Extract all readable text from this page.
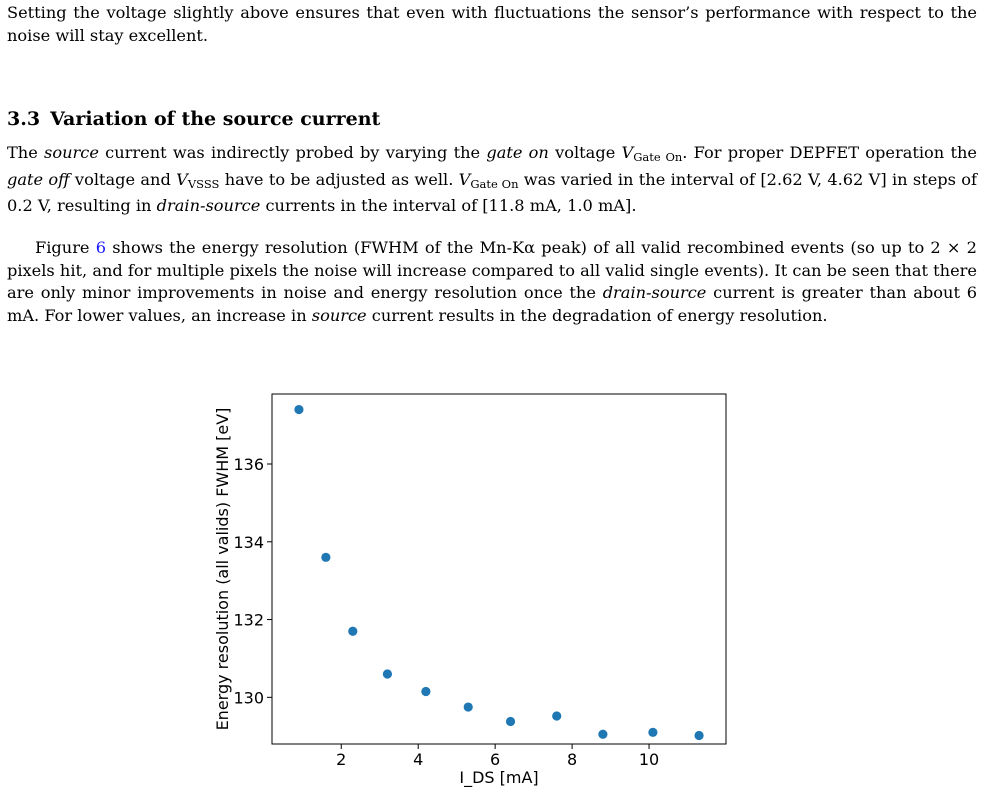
Setting the voltage slightly above ensures that even with fluctuations the sensor’s performance with respect to the noise will stay excellent.

3.3 Variation of the source current

The source current was indirectly probed by varying the gate on voltage $V_{Gate On}$. For proper DEPFET operation the gate off voltage and $V_{VSSS}$ have to be adjusted as well. $V_{Gate On}$ was varied in the interval of [2.62 V, 4.62 V] in steps of 0.2 V, resulting in drain-source currents in the interval of [11.8 mA, 1.0 mA].

Figure 6 shows the energy resolution (FWHM of the Mn-Kα peak) of all valid recombined events (so up to 2 × 2 pixels hit, and for multiple pixels the noise will increase compared to all valid single events). It can be seen that there are only minor improvements in noise and energy resolution once the drain-source current is greater than about 6 mA. For lower values, an increase in source current results in the degradation of energy resolution.

2	4	6	8	10
130
132
134
136
I_DS [mA]
Energy resolution (all valids) FWHM [eV]
